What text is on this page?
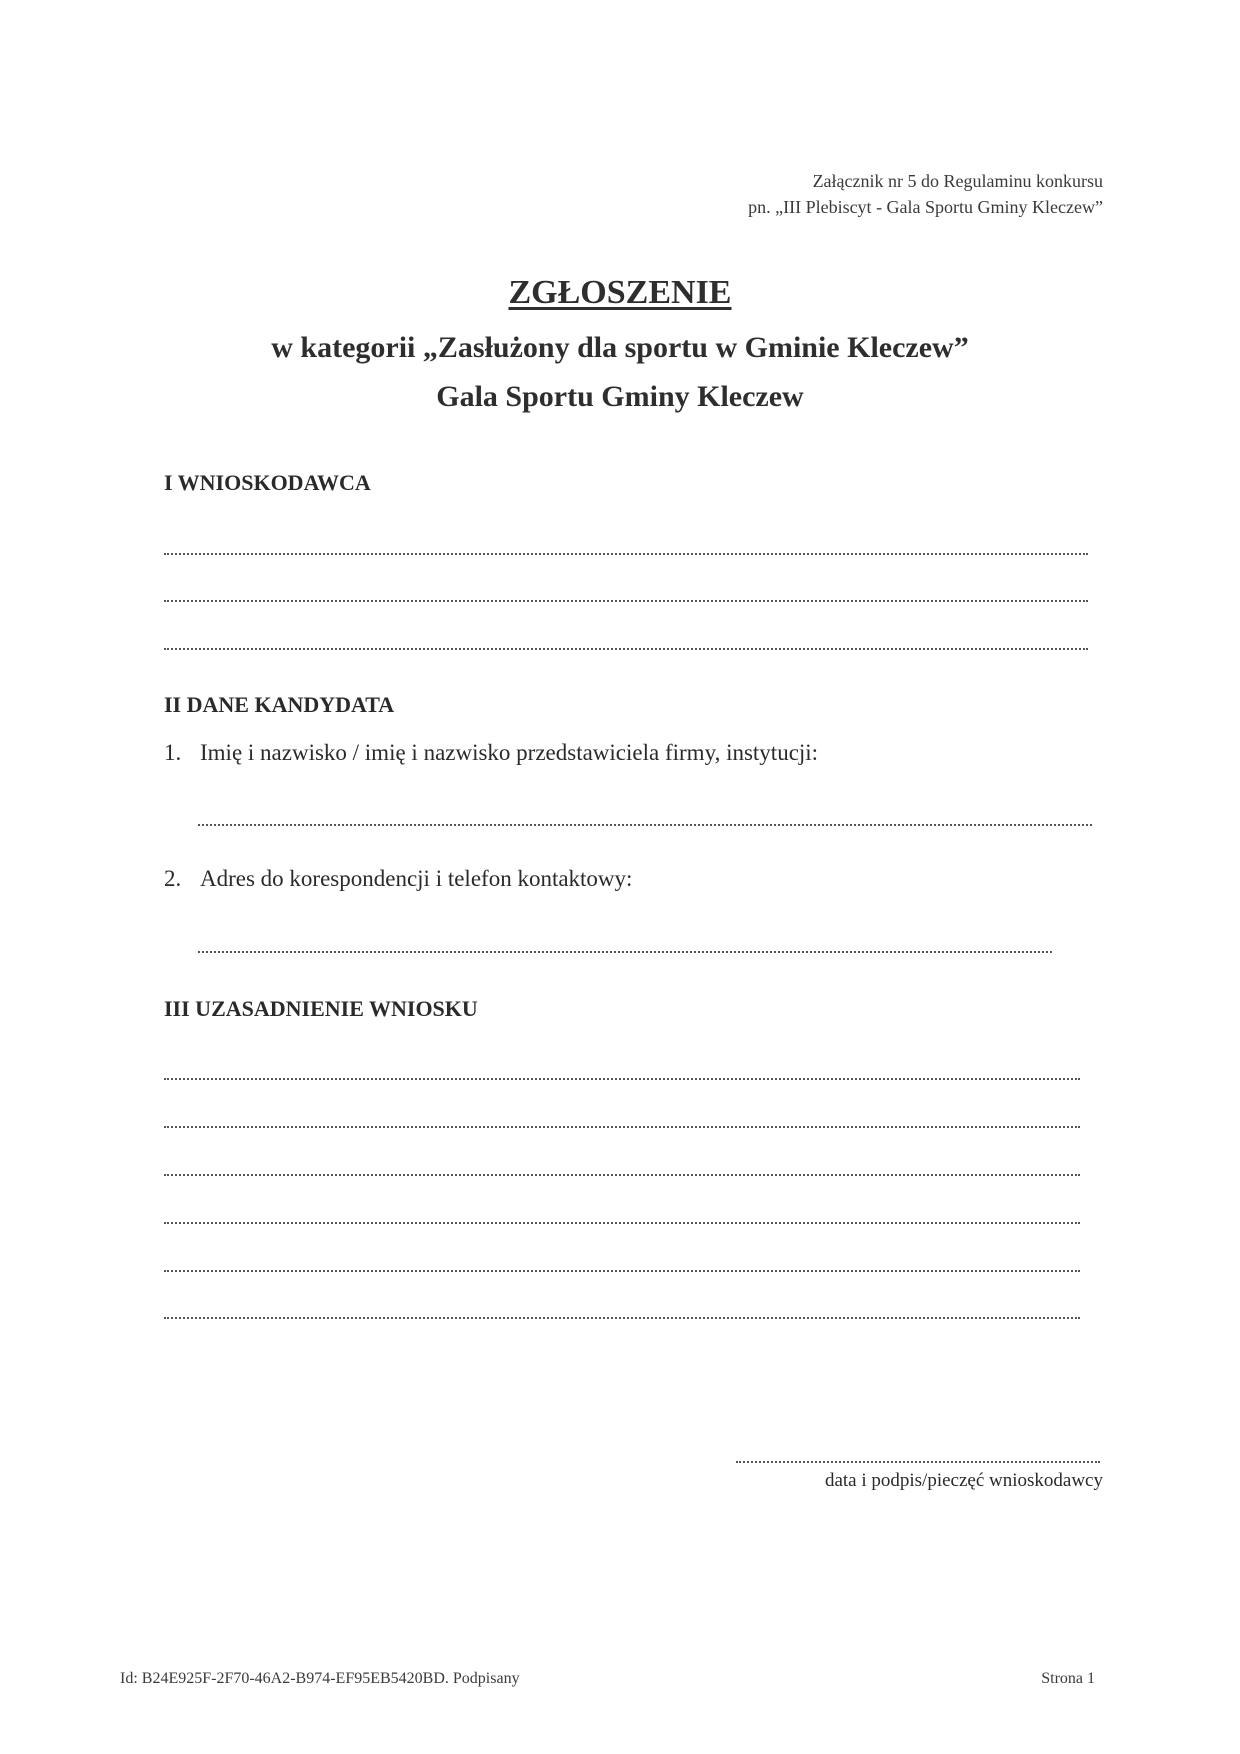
Załącznik nr 5 do Regulaminu konkursu
pn. „III Plebiscyt - Gala Sportu Gminy Kleczew”
ZGŁOSZENIE
w kategorii „Zasłużony dla sportu w Gminie Kleczew”
Gala Sportu Gminy Kleczew
I WNIOSKODAWCA
II DANE KANDYDATA
1. Imię i nazwisko / imię i nazwisko przedstawiciela firmy, instytucji:
2. Adres do korespondencji i telefon kontaktowy:
III UZASADNIENIE WNIOSKU
data i podpis/pieczęć wnioskodawcy
Id: B24E925F-2F70-46A2-B974-EF95EB5420BD. Podpisany	Strona 1
